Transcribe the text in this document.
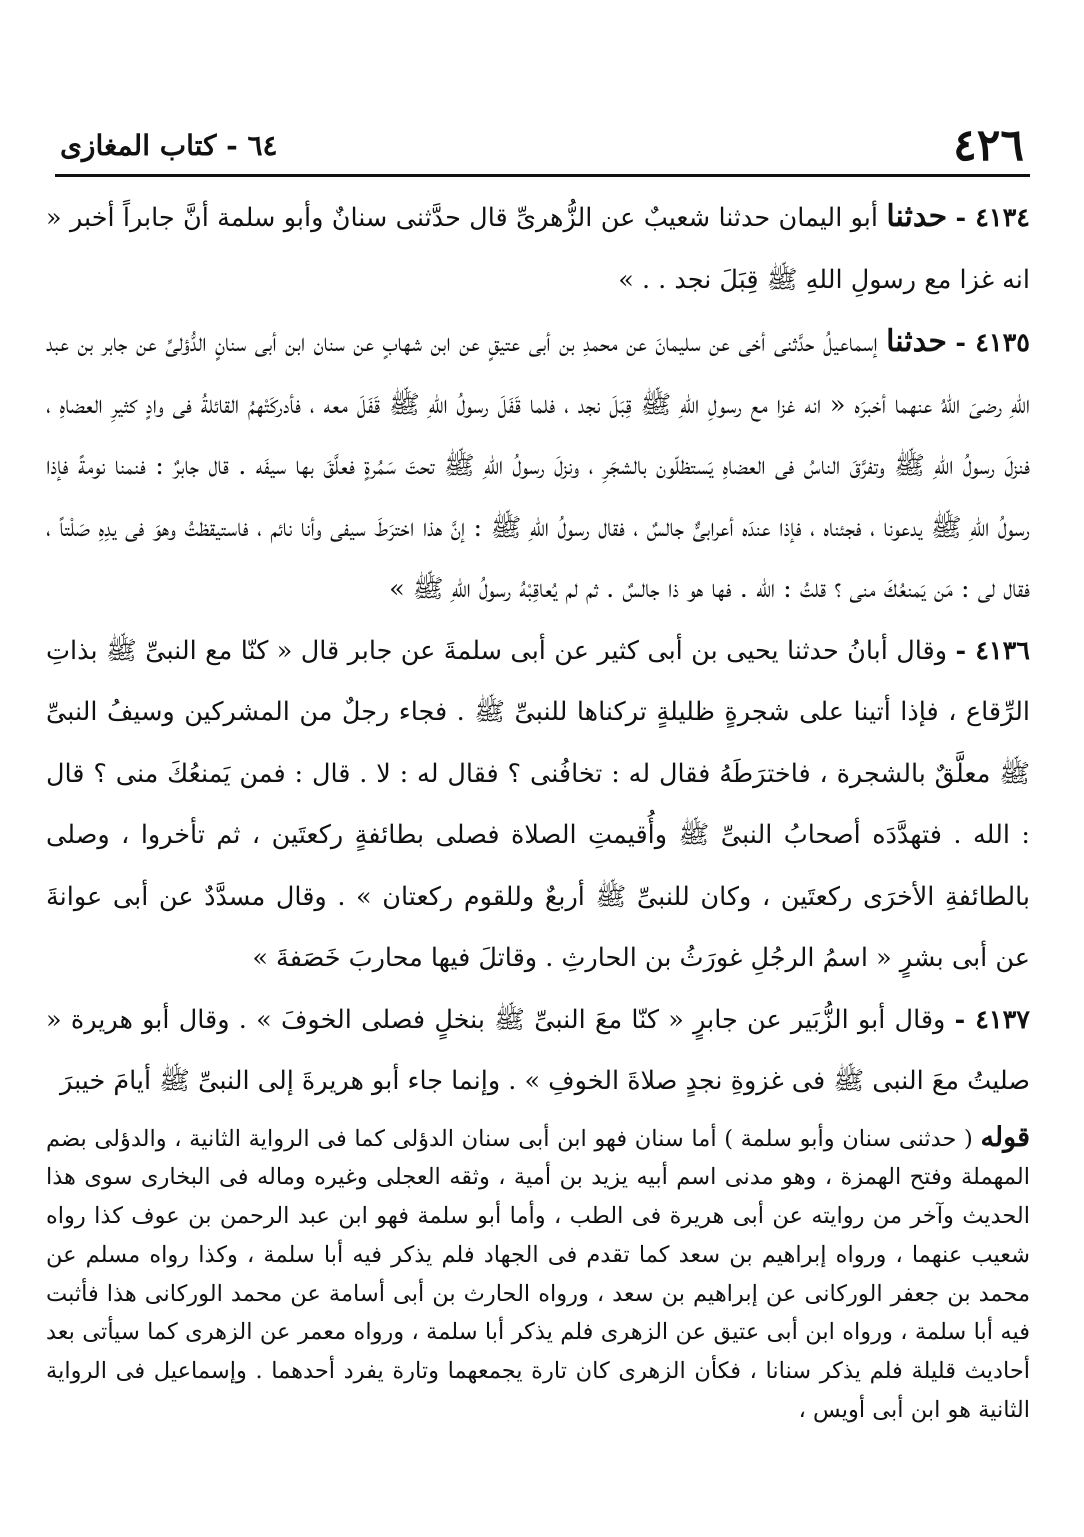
٤٢٦
٦٤ - كتاب المغازى

٤١٣٤ - حدثنا أبو اليمان حدثنا شعيبٌ عن الزُّهرىِّ قال حدَّثنى سنانٌ وأبو سلمة أنَّ جابراً أخبر « انه غزا مع رسولِ اللهِ ﷺ قِبَلَ نجد . . »

٤١٣٥ - حدثنا إسماعيلُ حدَّثنى أخى عن سليمانَ عن محمدِ بن أبى عتيقٍ عن ابن شهابٍ عن سنان ابن أبى سنانٍ الدُّؤلىِّ عن جابر بن عبد اللهِ رضىَ اللهُ عنهما أخبرَه « انه غزا مع رسولِ اللهِ ﷺ قِبَلَ نجد ، فلما قَفَلَ رسولُ اللهِ ﷺ قَفَلَ معه ، فأدركَتْهمُ القائلةُ فى وادٍ كثيرِ العضاهِ ، فنزلَ رسولُ اللهِ ﷺ وتفرَّقَ الناسُ فى العضاهِ يَستظلّون بالشجَرِ ، ونزلَ رسولُ اللهِ ﷺ تحتَ سَمُرةٍ فعلَّقَ بها سيفَه . قال جابرٌ : فنمنا نومةً فإذا رسولُ اللهِ ﷺ يدعونا ، فجئناه ، فإذا عندَه أعرابىٌّ جالسٌ ، فقال رسولُ اللهِ ﷺ : إنَّ هذا اخترَطَ سيفى وأنا نائم ، فاستيقظتُ وهوَ فى يدِهِ صَلْتاً ، فقال لى : مَن يَمنعُكَ منى ؟ قلتُ : الله . فها هو ذا جالسٌ . ثم لم يُعاقِبْهُ رسولُ اللهِ ﷺ »

٤١٣٦ - وقال أبانُ حدثنا يحيى بن أبى كثير عن أبى سلمةَ عن جابر قال « كنّا مع النبىِّ ﷺ بذاتِ الرِّقاع ، فإذا أتينا على شجرةٍ ظليلةٍ تركناها للنبىِّ ﷺ . فجاء رجلٌ من المشركين وسيفُ النبىِّ ﷺ معلَّقٌ بالشجرة ، فاخترَطَهُ فقال له : تخافُنى ؟ فقال له : لا . قال : فمن يَمنعُكَ منى ؟ قال : الله . فتهدَّدَه أصحابُ النبىِّ ﷺ وأُقيمتِ الصلاة فصلى بطائفةٍ ركعتَين ، ثم تأخروا ، وصلى بالطائفةِ الأخرَى ركعتَين ، وكان للنبىِّ ﷺ أربعٌ وللقوم ركعتان » . وقال مسدَّدٌ عن أبى عوانةَ عن أبى بشرٍ « اسمُ الرجُلِ غورَثُ بن الحارثِ . وقاتلَ فيها محاربَ خَصَفةَ »

٤١٣٧ - وقال أبو الزُّبَير عن جابرٍ « كنّا معَ النبىِّ ﷺ بنخلٍ فصلى الخوفَ » . وقال أبو هريرة « صليتُ معَ النبى ﷺ فى غزوةِ نجدٍ صلاةَ الخوفِ » . وإنما جاء أبو هريرةَ إلى النبىِّ ﷺ أيامَ خيبرَ

قوله ( حدثنى سنان وأبو سلمة ) أما سنان فهو ابن أبى سنان الدؤلى كما فى الرواية الثانية ، والدؤلى بضم المهملة وفتح الهمزة ، وهو مدنى اسم أبيه يزيد بن أمية ، وثقه العجلى وغيره وماله فى البخارى سوى هذا الحديث وآخر من روايته عن أبى هريرة فى الطب ، وأما أبو سلمة فهو ابن عبد الرحمن بن عوف كذا رواه شعيب عنهما ، ورواه إبراهيم بن سعد كما تقدم فى الجهاد فلم يذكر فيه أبا سلمة ، وكذا رواه مسلم عن محمد بن جعفر الوركانى عن إبراهيم بن سعد ، ورواه الحارث بن أبى أسامة عن محمد الوركانى هذا فأثبت فيه أبا سلمة ، ورواه ابن أبى عتيق عن الزهرى فلم يذكر أبا سلمة ، ورواه معمر عن الزهرى كما سيأتى بعد أحاديث قليلة فلم يذكر سنانا ، فكأن الزهرى كان تارة يجمعهما وتارة يفرد أحدهما . وإسماعيل فى الرواية الثانية هو ابن أبى أويس ،
